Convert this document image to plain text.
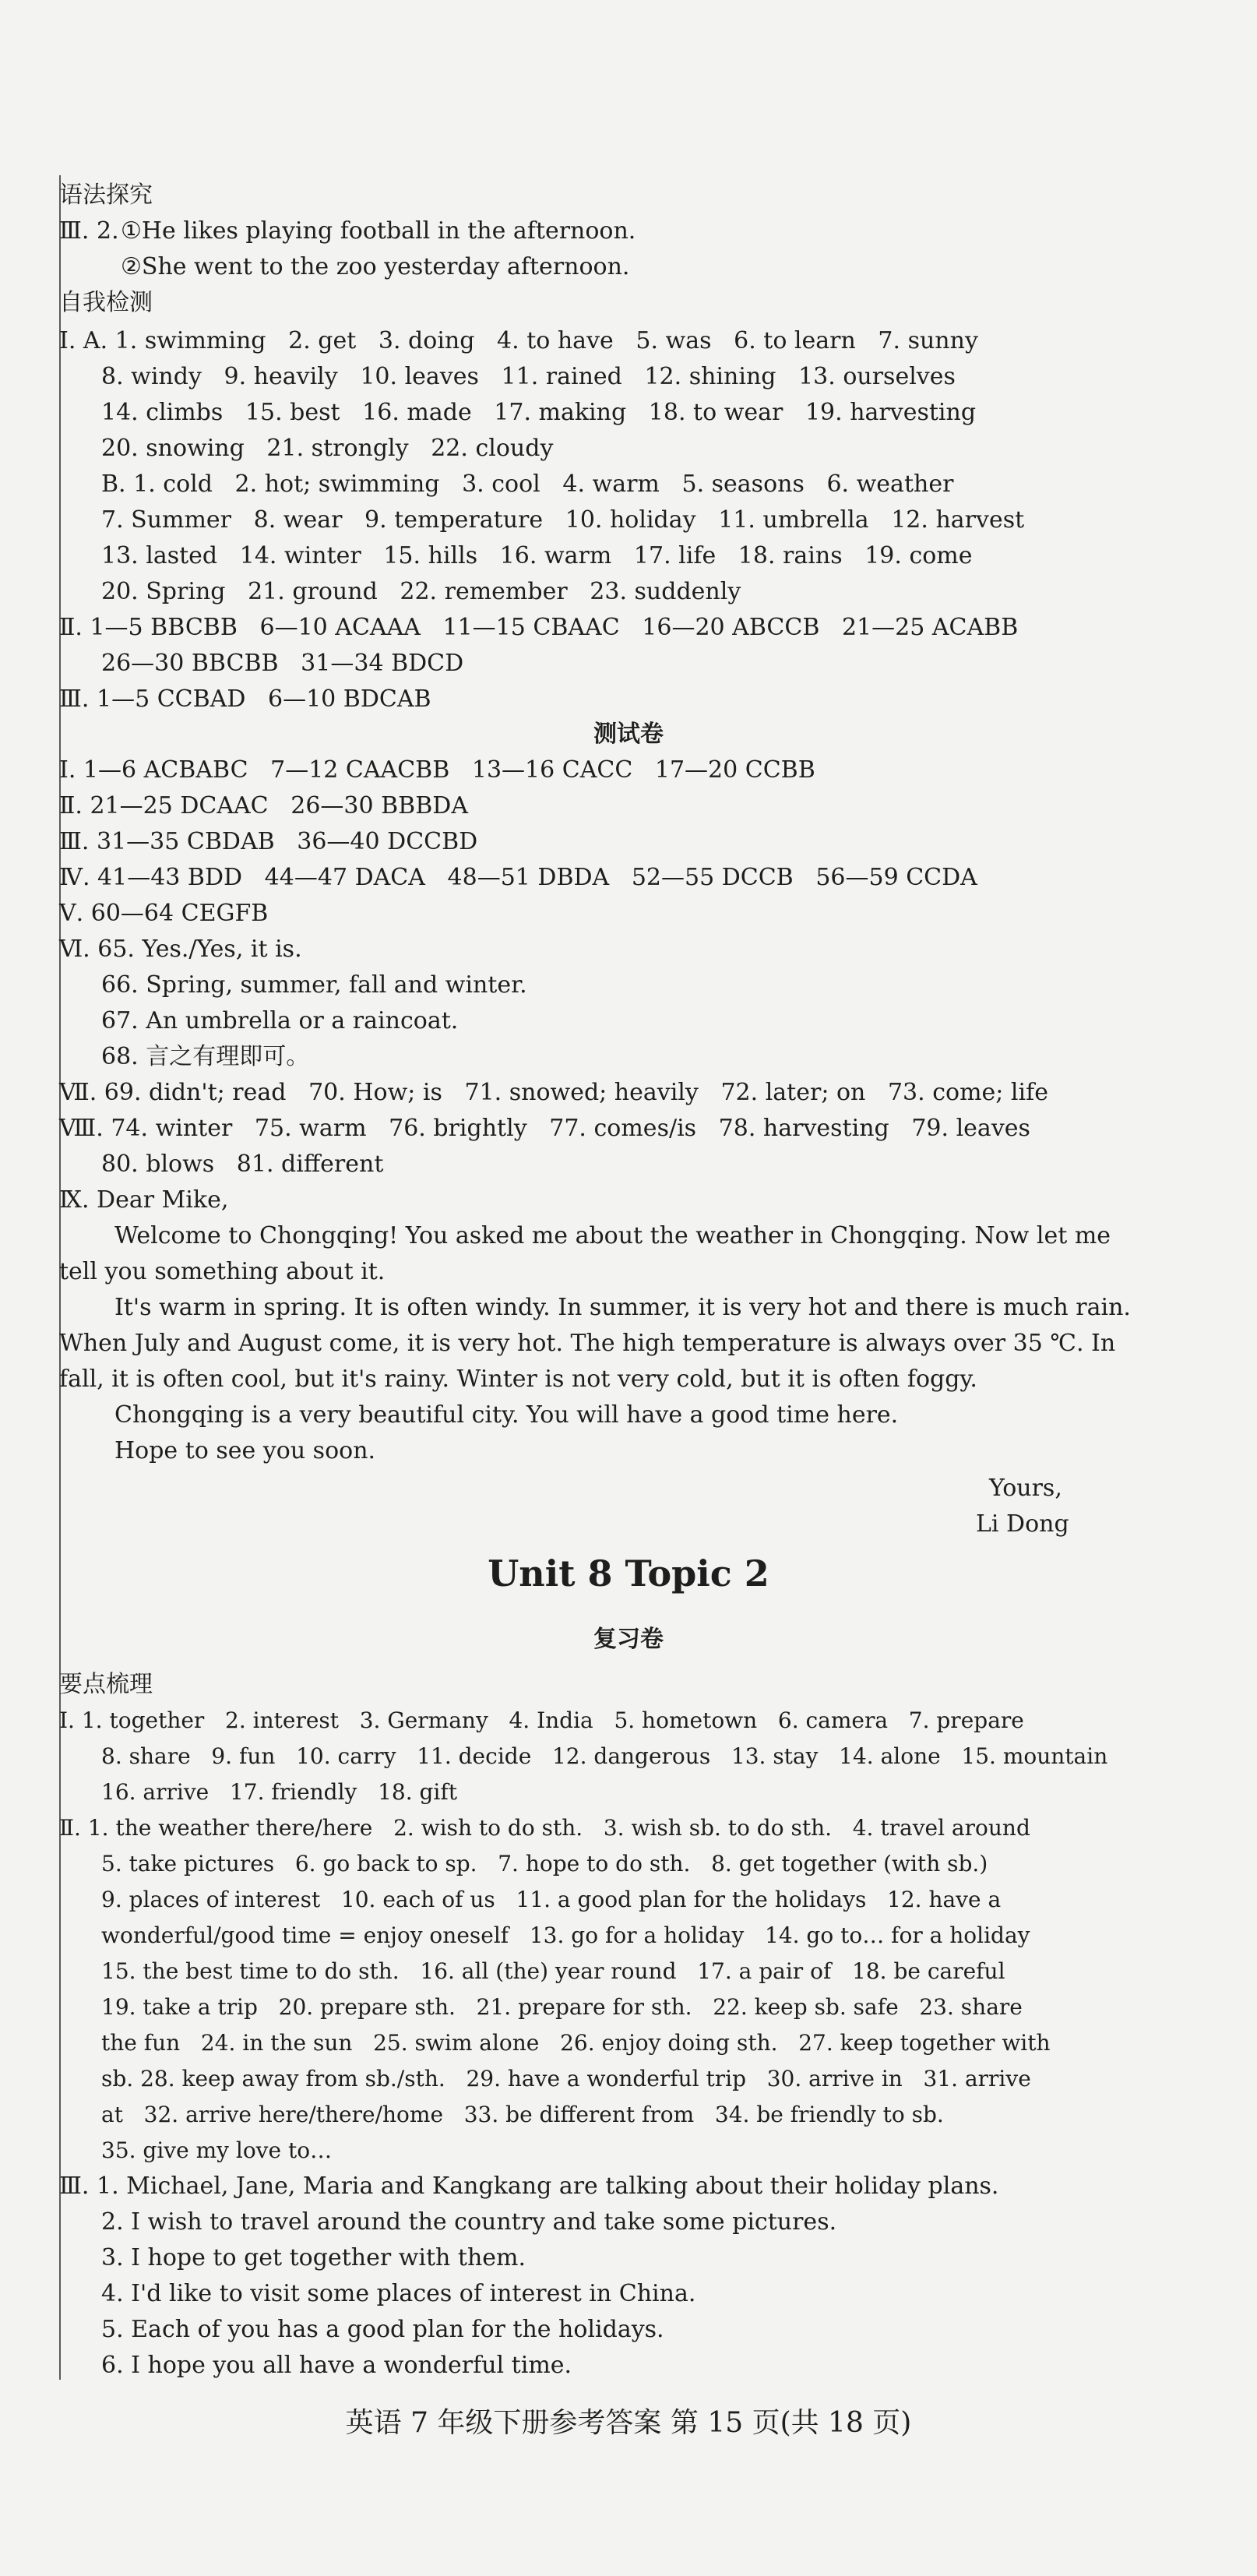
语法探究
Ⅲ. 2. ①He likes playing football in the afternoon.
②She went to the zoo yesterday afternoon.
自我检测
Ⅰ. A. 1. swimming   2. get   3. doing   4. to have   5. was   6. to learn   7. sunny
8. windy   9. heavily   10. leaves   11. rained   12. shining   13. ourselves
14. climbs   15. best   16. made   17. making   18. to wear   19. harvesting
20. snowing   21. strongly   22. cloudy
B. 1. cold   2. hot; swimming   3. cool   4. warm   5. seasons   6. weather
7. Summer   8. wear   9. temperature   10. holiday   11. umbrella   12. harvest
13. lasted   14. winter   15. hills   16. warm   17. life   18. rains   19. come
20. Spring   21. ground   22. remember   23. suddenly
Ⅱ. 1—5 BBCBB   6—10 ACAAA   11—15 CBAAC   16—20 ABCCB   21—25 ACABB
26—30 BBCBB   31—34 BDCD
Ⅲ. 1—5 CCBAD   6—10 BDCAB
测试卷
Ⅰ. 1—6 ACBABC   7—12 CAACBB   13—16 CACC   17—20 CCBB
Ⅱ. 21—25 DCAAC   26—30 BBBDA
Ⅲ. 31—35 CBDAB   36—40 DCCBD
Ⅳ. 41—43 BDD   44—47 DACA   48—51 DBDA   52—55 DCCB   56—59 CCDA
Ⅴ. 60—64 CEGFB
Ⅵ. 65. Yes./Yes, it is.
66. Spring, summer, fall and winter.
67. An umbrella or a raincoat.
68. 言之有理即可。
Ⅶ. 69. didn't; read   70. How; is   71. snowed; heavily   72. later; on   73. come; life
Ⅷ. 74. winter   75. warm   76. brightly   77. comes/is   78. harvesting   79. leaves
80. blows   81. different
Ⅸ. Dear Mike,
Welcome to Chongqing! You asked me about the weather in Chongqing. Now let me
tell you something about it.
It's warm in spring. It is often windy. In summer, it is very hot and there is much rain.
When July and August come, it is very hot. The high temperature is always over 35 ℃. In
fall, it is often cool, but it's rainy. Winter is not very cold, but it is often foggy.
Chongqing is a very beautiful city. You will have a good time here.
Hope to see you soon.
Yours,
Li Dong
Unit 8 Topic 2
复习卷
要点梳理
Ⅰ. 1. together   2. interest   3. Germany   4. India   5. hometown   6. camera   7. prepare
8. share   9. fun   10. carry   11. decide   12. dangerous   13. stay   14. alone   15. mountain
16. arrive   17. friendly   18. gift
Ⅱ. 1. the weather there/here   2. wish to do sth.   3. wish sb. to do sth.   4. travel around
5. take pictures   6. go back to sp.   7. hope to do sth.   8. get together (with sb.)
9. places of interest   10. each of us   11. a good plan for the holidays   12. have a
wonderful/good time = enjoy oneself   13. go for a holiday   14. go to… for a holiday
15. the best time to do sth.   16. all (the) year round   17. a pair of   18. be careful
19. take a trip   20. prepare sth.   21. prepare for sth.   22. keep sb. safe   23. share
the fun   24. in the sun   25. swim alone   26. enjoy doing sth.   27. keep together with
sb. 28. keep away from sb./sth.   29. have a wonderful trip   30. arrive in   31. arrive
at   32. arrive here/there/home   33. be different from   34. be friendly to sb.
35. give my love to…
Ⅲ. 1. Michael, Jane, Maria and Kangkang are talking about their holiday plans.
2. I wish to travel around the country and take some pictures.
3. I hope to get together with them.
4. I'd like to visit some places of interest in China.
5. Each of you has a good plan for the holidays.
6. I hope you all have a wonderful time.
英语 7 年级下册参考答案 第 15 页(共 18 页)
